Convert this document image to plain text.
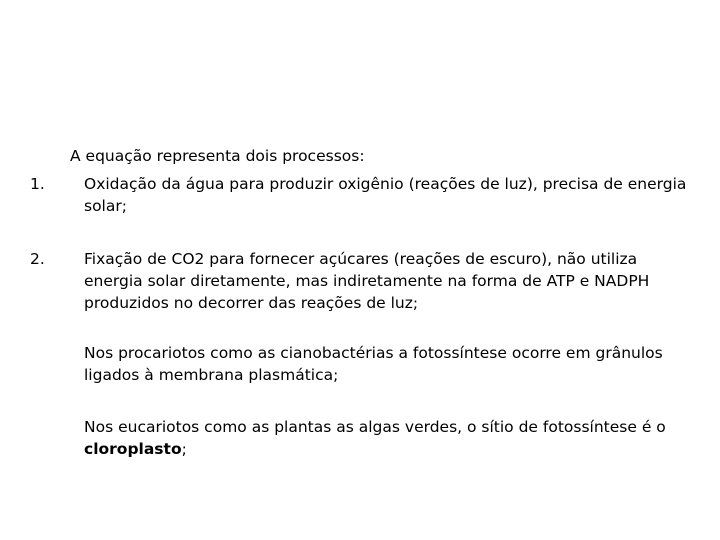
A equação representa dois processos:
1.	Oxidação da água para produzir oxigênio (reações de luz), precisa de energia solar;
2.	Fixação de CO2 para fornecer açúcares (reações de escuro), não utiliza energia solar diretamente, mas indiretamente na forma de ATP e NADPH produzidos no decorrer das reações de luz;
Nos procariotos como as cianobactérias a fotossíntese ocorre em grânulos ligados à membrana plasmática;
Nos eucariotos como as plantas as algas verdes, o sítio de fotossíntese é o cloroplasto;
